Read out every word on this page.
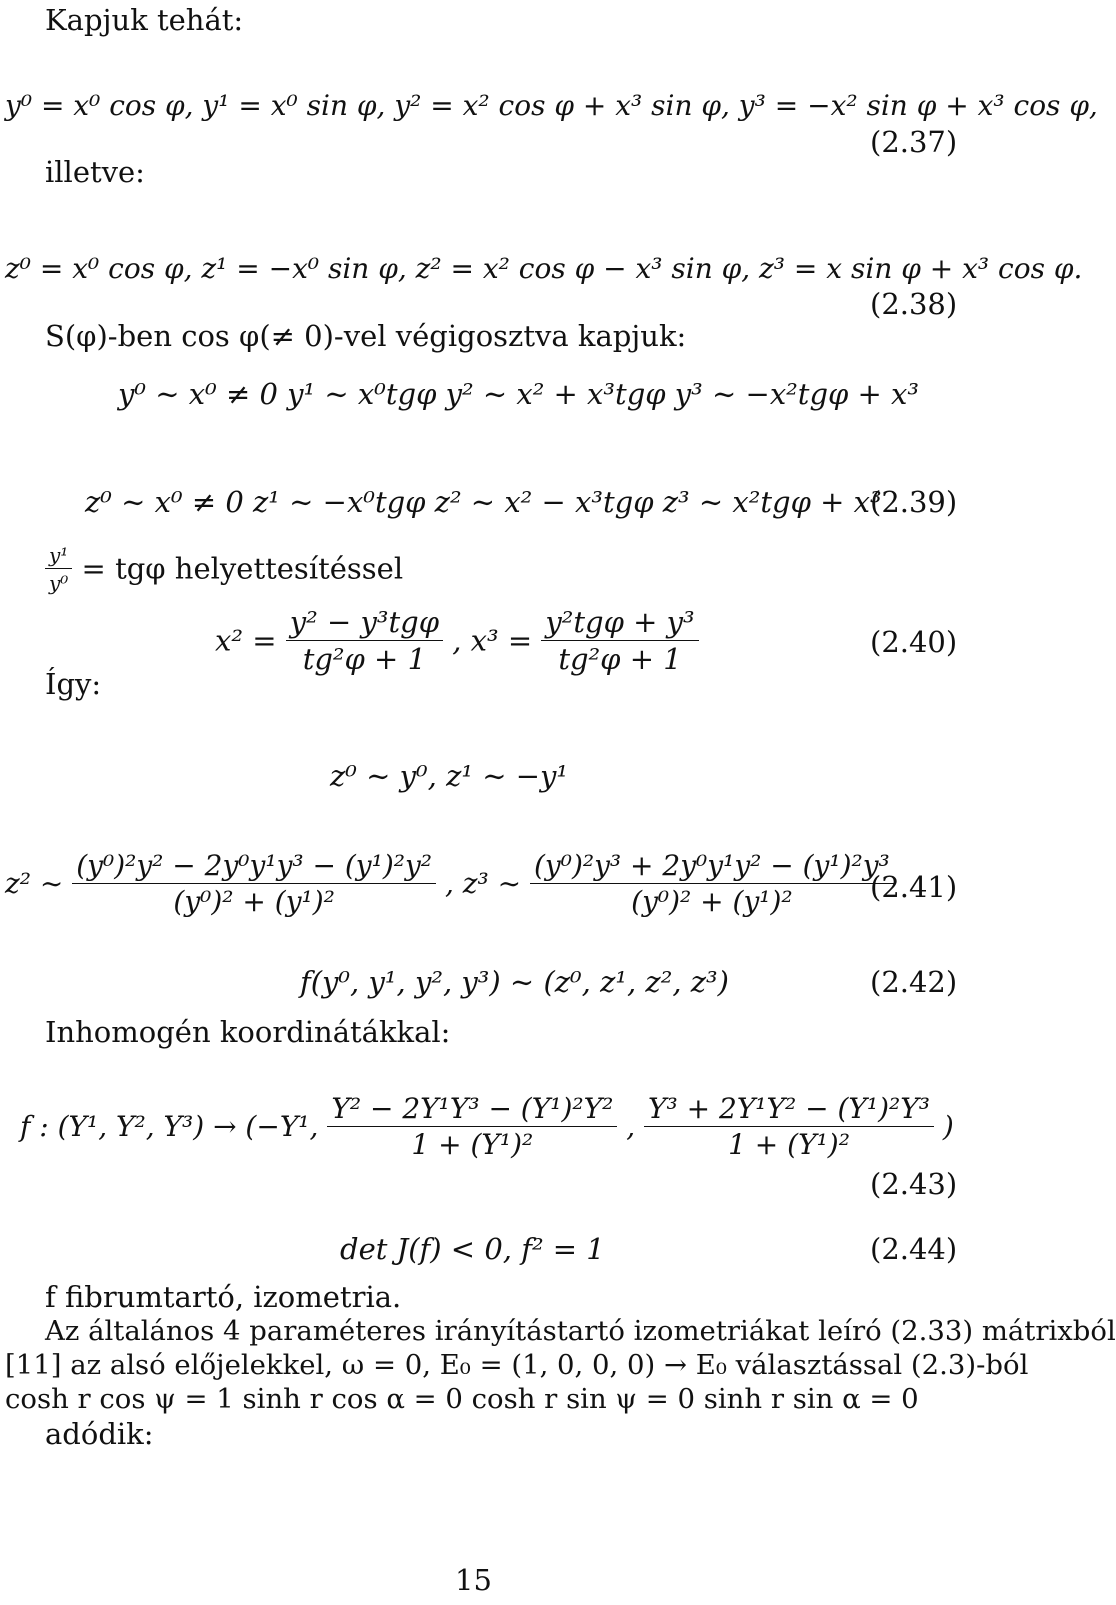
Kapjuk tehát:
y⁰ = x⁰ cos φ, y¹ = x⁰ sin φ, y² = x² cos φ + x³ sin φ, y³ = −x² sin φ + x³ cos φ,
(2.37)
illetve:
z⁰ = x⁰ cos φ, z¹ = −x⁰ sin φ, z² = x² cos φ − x³ sin φ, z³ = x sin φ + x³ cos φ.
(2.38)
S(φ)-ben cos φ(≠ 0)-vel végigosztva kapjuk:
y⁰ ∼ x⁰ ≠ 0 y¹ ∼ x⁰tgφ y² ∼ x² + x³tgφ y³ ∼ −x²tgφ + x³
z⁰ ∼ x⁰ ≠ 0 z¹ ∼ −x⁰tgφ z² ∼ x² − x³tgφ z³ ∼ x²tgφ + x³
(2.39)
$\frac{\text{y¹}}{\text{y⁰}} = tg\varphi$ helyettesítéssel
$x^2 = \frac{\text{y² − y³tgφ}}{\text{tg²φ + 1}}$ , $x^3 = \frac{\text{y²tgφ + y³}}{\text{tg²φ + 1}}$	(2.40)
Így:
z⁰ ∼ y⁰, z¹ ∼ −y¹
z² ∼ $\frac{\text{(y⁰)²y² − 2y⁰y¹y³ − (y¹)²y²}}{\text{(y⁰)² + (y¹)²}}$ , z³ ∼ $\frac{\text{(y⁰)²y³ + 2y⁰y¹y² − (y¹)²y³}}{\text{(y⁰)² + (y¹)²}}$
(2.41)
f(y⁰, y¹, y², y³) ∼ (z⁰, z¹, z², z³)	(2.42)
Inhomogén koordinátákkal:
f : (Y¹, Y², Y³) → (−Y¹, $\frac{\text{Y² − 2Y¹Y³ − (Y¹)²Y²}}{\text{1 + (Y¹)²}}$ , $\frac{\text{Y³ + 2Y¹Y² − (Y¹)²Y³}}{\text{1 + (Y¹)²}}$ )
(2.43)
det J(f) < 0, f² = 1	(2.44)
f fibrumtartó, izometria.
Az általános 4 paraméteres irányítástartó izometriákat leíró (2.33) mátrixból
[11] az alsó előjelekkel, ω = 0, E₀ = (1, 0, 0, 0) → E₀ választással (2.3)-ból
cosh r cos ψ = 1 sinh r cos α = 0 cosh r sin ψ = 0 sinh r sin α = 0
adódik:
15
